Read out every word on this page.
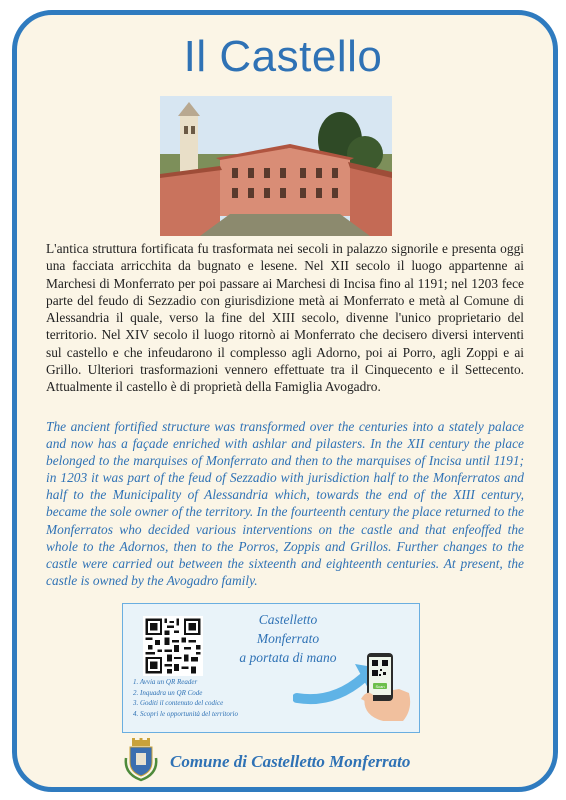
Il Castello
L'antica struttura fortificata fu trasformata nei secoli in palazzo signorile e presenta oggi una facciata arricchita da bugnato e lesene. Nel XII secolo il luogo appartenne ai Marchesi di Monferrato per poi passare ai Marchesi di Incisa fino al 1191; nel 1203 fece parte del feudo di Sezzadio con giurisdizione metà ai Monferrato e metà al Comune di Alessandria il quale, verso la fine del XIII secolo, divenne l'unico proprietario del territorio. Nel XIV secolo il luogo ritornò ai Monferrato che decisero diversi interventi sul castello e che infeudarono il complesso agli Adorno, poi ai Porro, agli Zoppi e ai Grillo. Ulteriori trasformazioni vennero effettuate tra il Cinquecento e il Settecento. Attualmente il castello è di proprietà della Famiglia Avogadro.
The ancient fortified structure was transformed over the centuries into a stately palace and now has a façade enriched with ashlar and pilasters. In the XII century the place belonged to the marquises of Monferrato and then to the marquises of Incisa until 1191; in 1203 it was part of the feud of Sezzadio with jurisdiction half to the Monferratos and half to the Municipality of Alessandria which, towards the end of the XIII century, became the sole owner of the territory. In the fourteenth century the place returned to the Monferratos who decided various interventions on the castle and that enfeoffed the whole to the Adornos, then to the Porros, Zoppis and Grillos. Further changes to the castle were carried out between the sixteenth and eighteenth centuries. At present, the castle is owned by the Avogadro family.
Castelletto
Monferrato
a portata di mano
1. Avvia un QR Reader
2. Inquadra un QR Code
3. Goditi il contenuto del codice
4. Scopri le opportunità del territorio
Scan
Comune di Castelletto Monferrato
